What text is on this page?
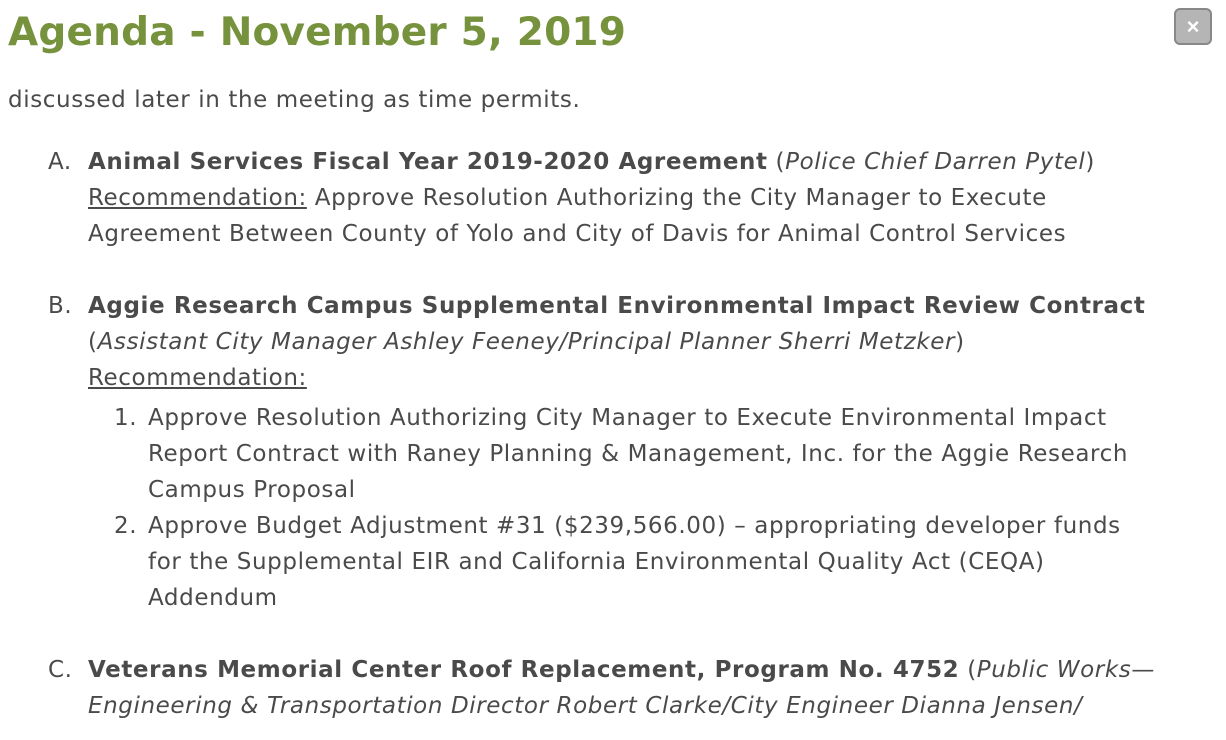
Agenda - November 5, 2019	×
discussed later in the meeting as time permits.
A. Animal Services Fiscal Year 2019-2020 Agreement (Police Chief Darren Pytel)
Recommendation: Approve Resolution Authorizing the City Manager to Execute
Agreement Between County of Yolo and City of Davis for Animal Control Services
B. Aggie Research Campus Supplemental Environmental Impact Review Contract
(Assistant City Manager Ashley Feeney/Principal Planner Sherri Metzker)
Recommendation:
1. Approve Resolution Authorizing City Manager to Execute Environmental Impact
Report Contract with Raney Planning & Management, Inc. for the Aggie Research
Campus Proposal
2. Approve Budget Adjustment #31 ($239,566.00) – appropriating developer funds
for the Supplemental EIR and California Environmental Quality Act (CEQA)
Addendum
C. Veterans Memorial Center Roof Replacement, Program No. 4752 (Public Works—
Engineering & Transportation Director Robert Clarke/City Engineer Dianna Jensen/
